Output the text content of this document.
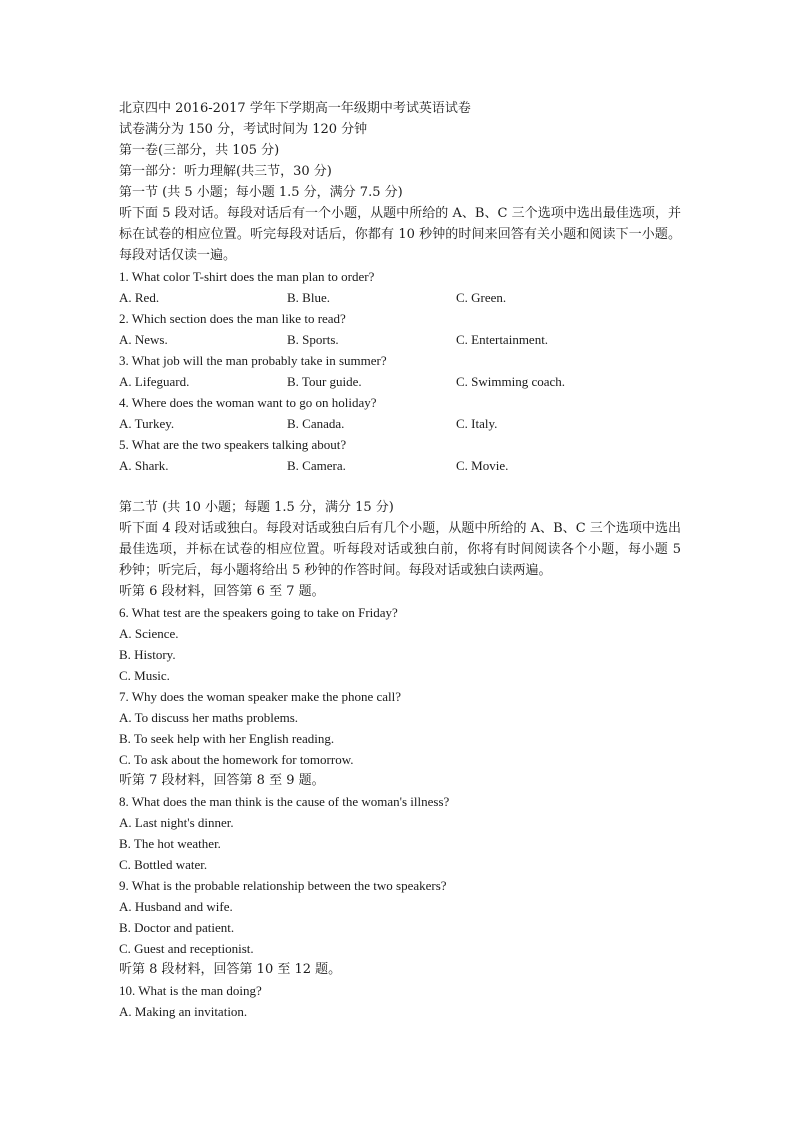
北京四中 2016-2017 学年下学期高一年级期中考试英语试卷
试卷满分为 150 分，考试时间为 120 分钟
第一卷(三部分，共 105 分)
第一部分：听力理解(共三节，30 分)
第一节 (共 5 小题；每小题 1.5 分，满分 7.5 分)
听下面 5 段对话。每段对话后有一个小题，从题中所给的 A、B、C 三个选项中选出最佳选项，并标在试卷的相应位置。听完每段对话后，你都有 10 秒钟的时间来回答有关小题和阅读下一小题。每段对话仅读一遍。
1. What color T-shirt does the man plan to order?
A. Red.	B. Blue.	C. Green.
2. Which section does the man like to read?
A. News.	B. Sports.	C. Entertainment.
3. What job will the man probably take in summer?
A. Lifeguard.	B. Tour guide.	C. Swimming coach.
4. Where does the woman want to go on holiday?
A. Turkey.	B. Canada.	C. Italy.
5. What are the two speakers talking about?
A. Shark.	B. Camera.	C. Movie.
第二节 (共 10 小题；每题 1.5 分，满分 15 分)
听下面 4 段对话或独白。每段对话或独白后有几个小题，从题中所给的 A、B、C 三个选项中选出最佳选项，并标在试卷的相应位置。听每段对话或独白前，你将有时间阅读各个小题，每小题 5 秒钟；听完后，每小题将给出 5 秒钟的作答时间。每段对话或独白读两遍。
听第 6 段材料，回答第 6 至 7 题。
6. What test are the speakers going to take on Friday?
A. Science.
B. History.
C. Music.
7. Why does the woman speaker make the phone call?
A. To discuss her maths problems.
B. To seek help with her English reading.
C. To ask about the homework for tomorrow.
听第 7 段材料，回答第 8 至 9 题。
8. What does the man think is the cause of the woman's illness?
A. Last night's dinner.
B. The hot weather.
C. Bottled water.
9. What is the probable relationship between the two speakers?
A. Husband and wife.
B. Doctor and patient.
C. Guest and receptionist.
听第 8 段材料，回答第 10 至 12 题。
10. What is the man doing?
A. Making an invitation.
